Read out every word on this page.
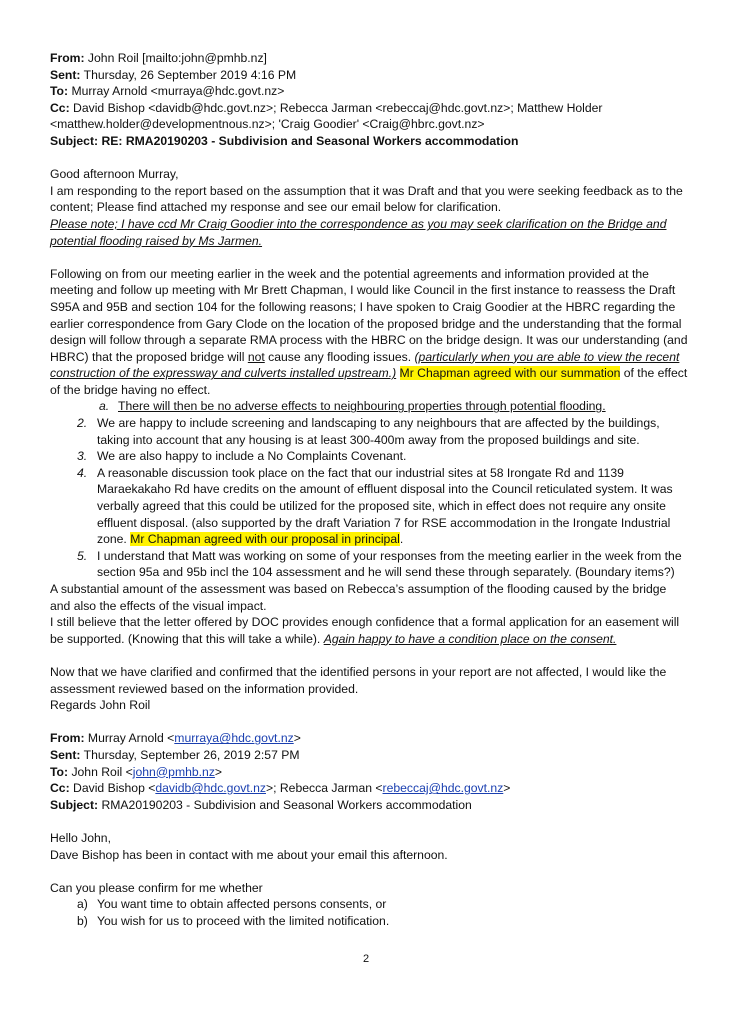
From: John Roil [mailto:john@pmhb.nz]
Sent: Thursday, 26 September 2019 4:16 PM
To: Murray Arnold <murraya@hdc.govt.nz>
Cc: David Bishop <davidb@hdc.govt.nz>; Rebecca Jarman <rebeccaj@hdc.govt.nz>; Matthew Holder
<matthew.holder@developmentnous.nz>; 'Craig Goodier' <Craig@hbrc.govt.nz>
Subject: RE: RMA20190203 - Subdivision and Seasonal Workers accommodation

Good afternoon Murray,

I am responding to the report based on the assumption that it was Draft and that you were seeking feedback as to the content; Please find attached my response and see our email below for clarification.

Please note; I have ccd Mr Craig Goodier into the correspondence as you may seek clarification on the Bridge and potential flooding raised by Ms Jarmen.

Following on from our meeting earlier in the week and the potential agreements and information provided at the meeting and follow up meeting with Mr Brett Chapman, I would like Council in the first instance to reassess the Draft S95A and 95B and section 104 for the following reasons; I have spoken to Craig Goodier at the HBRC regarding the earlier correspondence from Gary Clode on the location of the proposed bridge and the understanding that the formal design will follow through a separate RMA process with the HBRC on the bridge design. It was our understanding (and HBRC) that the proposed bridge will not cause any flooding issues. (particularly when you are able to view the recent construction of the expressway and culverts installed upstream.) Mr Chapman agreed with our summation of the effect of the bridge having no effect.

a. There will then be no adverse effects to neighbouring properties through potential flooding.
2. We are happy to include screening and landscaping to any neighbours that are affected by the buildings, taking into account that any housing is at least 300-400m away from the proposed buildings and site.
3. We are also happy to include a No Complaints Covenant.
4. A reasonable discussion took place on the fact that our industrial sites at 58 Irongate Rd and 1139 Maraekakaho Rd have credits on the amount of effluent disposal into the Council reticulated system. It was verbally agreed that this could be utilized for the proposed site, which in effect does not require any onsite effluent disposal. (also supported by the draft Variation 7 for RSE accommodation in the Irongate Industrial zone. Mr Chapman agreed with our proposal in principal.
5. I understand that Matt was working on some of your responses from the meeting earlier in the week from the section 95a and 95b incl the 104 assessment and he will send these through separately. (Boundary items?)

A substantial amount of the assessment was based on Rebecca’s assumption of the flooding caused by the bridge and also the effects of the visual impact.

I still believe that the letter offered by DOC provides enough confidence that a formal application for an easement will be supported. (Knowing that this will take a while). Again happy to have a condition place on the consent.

Now that we have clarified and confirmed that the identified persons in your report are not affected, I would like the assessment reviewed based on the information provided.

Regards John Roil

From: Murray Arnold <murraya@hdc.govt.nz>
Sent: Thursday, September 26, 2019 2:57 PM
To: John Roil <john@pmhb.nz>
Cc: David Bishop <davidb@hdc.govt.nz>; Rebecca Jarman <rebeccaj@hdc.govt.nz>
Subject: RMA20190203 - Subdivision and Seasonal Workers accommodation

Hello John,

Dave Bishop has been in contact with me about your email this afternoon.

Can you please confirm for me whether

a) You want time to obtain affected persons consents, or
b) You wish for us to proceed with the limited notification.
2
